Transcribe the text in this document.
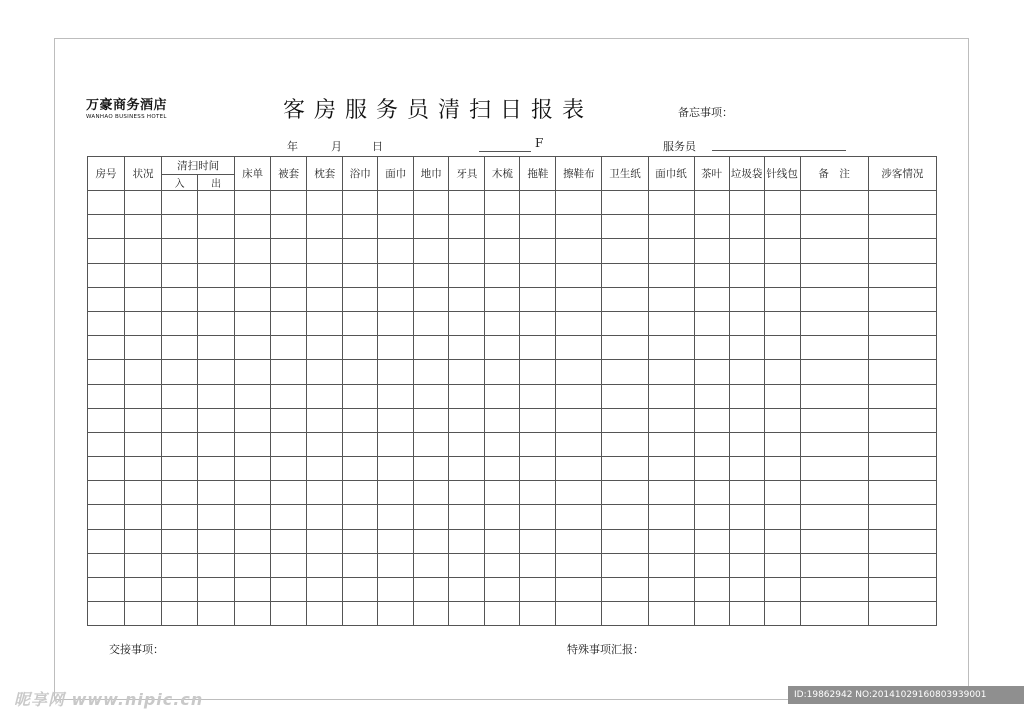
万豪商务酒店
WANHAO BUSINESS HOTEL	客房服务员清扫日报表	备忘事项：
年	月	日	F	服务员
房号	状况	清扫时间		床单	被套	枕套	浴巾	面巾	地巾	牙具	木梳	拖鞋	擦鞋布	卫生纸	面巾纸	茶叶	垃圾袋	针线包	备　注	涉客情况
		入	出																	

交接事项：	特殊事项汇报：
昵享网 www.nipic.cn	ID:19862942 NO:20141029160803939001
